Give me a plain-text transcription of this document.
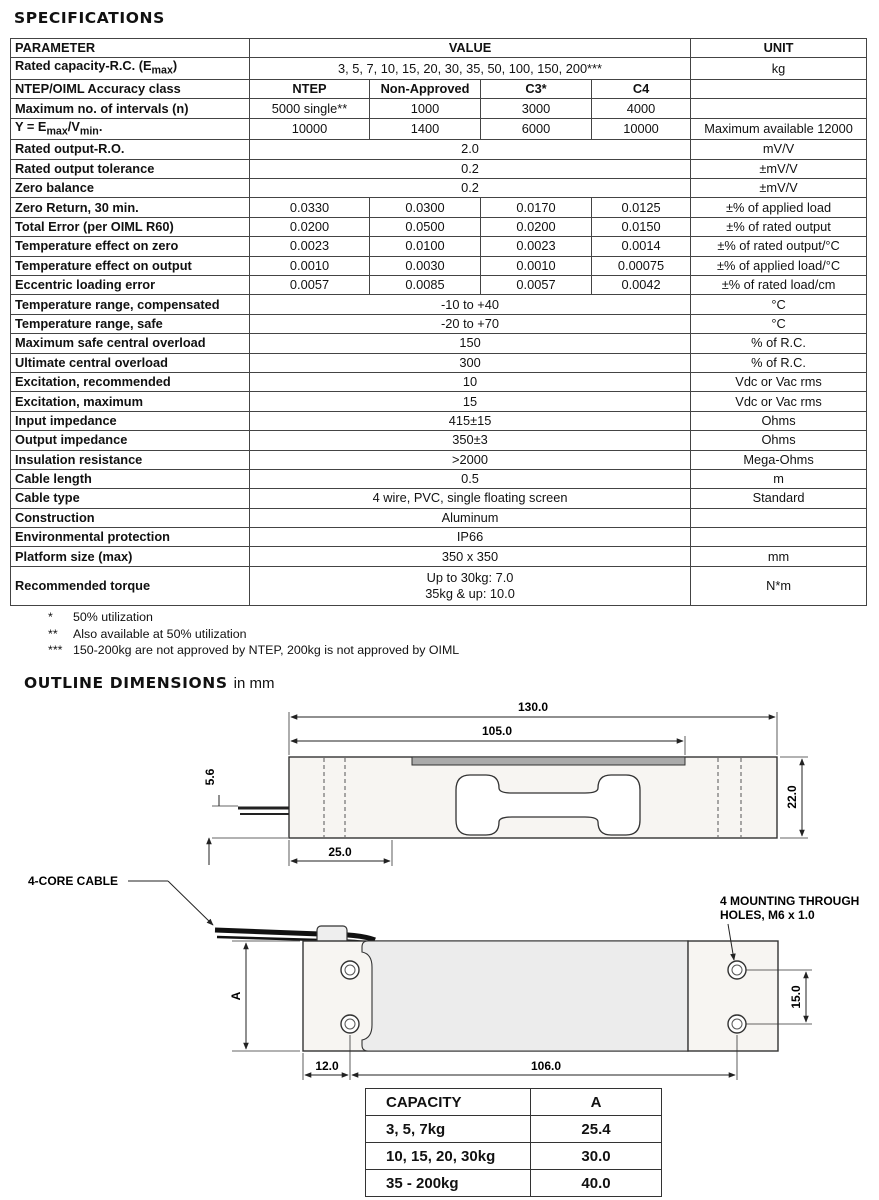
SPECIFICATIONS
PARAMETER	VALUE				UNIT
Rated capacity-R.C. $(E_{max})$	3, 5, 7, 10, 15, 20, 30, 35, 50, 100, 150, 200***				kg
NTEP/OIML Accuracy class	NTEP	Non-Approved	C3*	C4	
Maximum no. of intervals (n)	5000 single**	1000	3000	4000	
$Y = E_{max}/V_{min}$.	10000	1400	6000	10000	Maximum available 12000
Rated output-R.O.	2.0				mV/V
Rated output tolerance	0.2				±mV/V
Zero balance	0.2				±mV/V
Zero Return, 30 min.	0.0330	0.0300	0.0170	0.0125	±% of applied load
Total Error (per OIML R60)	0.0200	0.0500	0.0200	0.0150	±% of rated output
Temperature effect on zero	0.0023	0.0100	0.0023	0.0014	±% of rated output/°C
Temperature effect on output	0.0010	0.0030	0.0010	0.00075	±% of applied load/°C
Eccentric loading error	0.0057	0.0085	0.0057	0.0042	±% of rated load/cm
Temperature range, compensated	-10 to +40				°C
Temperature range, safe	-20 to +70				°C
Maximum safe central overload	150				% of R.C.
Ultimate central overload	300				% of R.C.
Excitation, recommended	10				Vdc or Vac rms
Excitation, maximum	15				Vdc or Vac rms
Input impedance	415±15				Ohms
Output impedance	350±3				Ohms
Insulation resistance	>2000				Mega-Ohms
Cable length	0.5				m
Cable type	4 wire, PVC, single floating screen				Standard
Construction	Aluminum				
Environmental protection	IP66				
Platform size (max)	350 x 350				mm
Recommended torque	Up to 30kg: 7.0
35kg & up: 10.0				N*m
*	50% utilization
**	Also available at 50% utilization
*** 150-200kg are not approved by NTEP, 200kg is not approved by OIML
OUTLINE DIMENSIONS in mm
130.0
105.0
5.6
22.0
25.0
4-CORE CABLE
4 MOUNTING THROUGH HOLES, M6 x 1.0
15.0
A
12.0	106.0
CAPACITY	A
3, 5, 7kg	25.4
10, 15, 20, 30kg	30.0
35 - 200kg	40.0
